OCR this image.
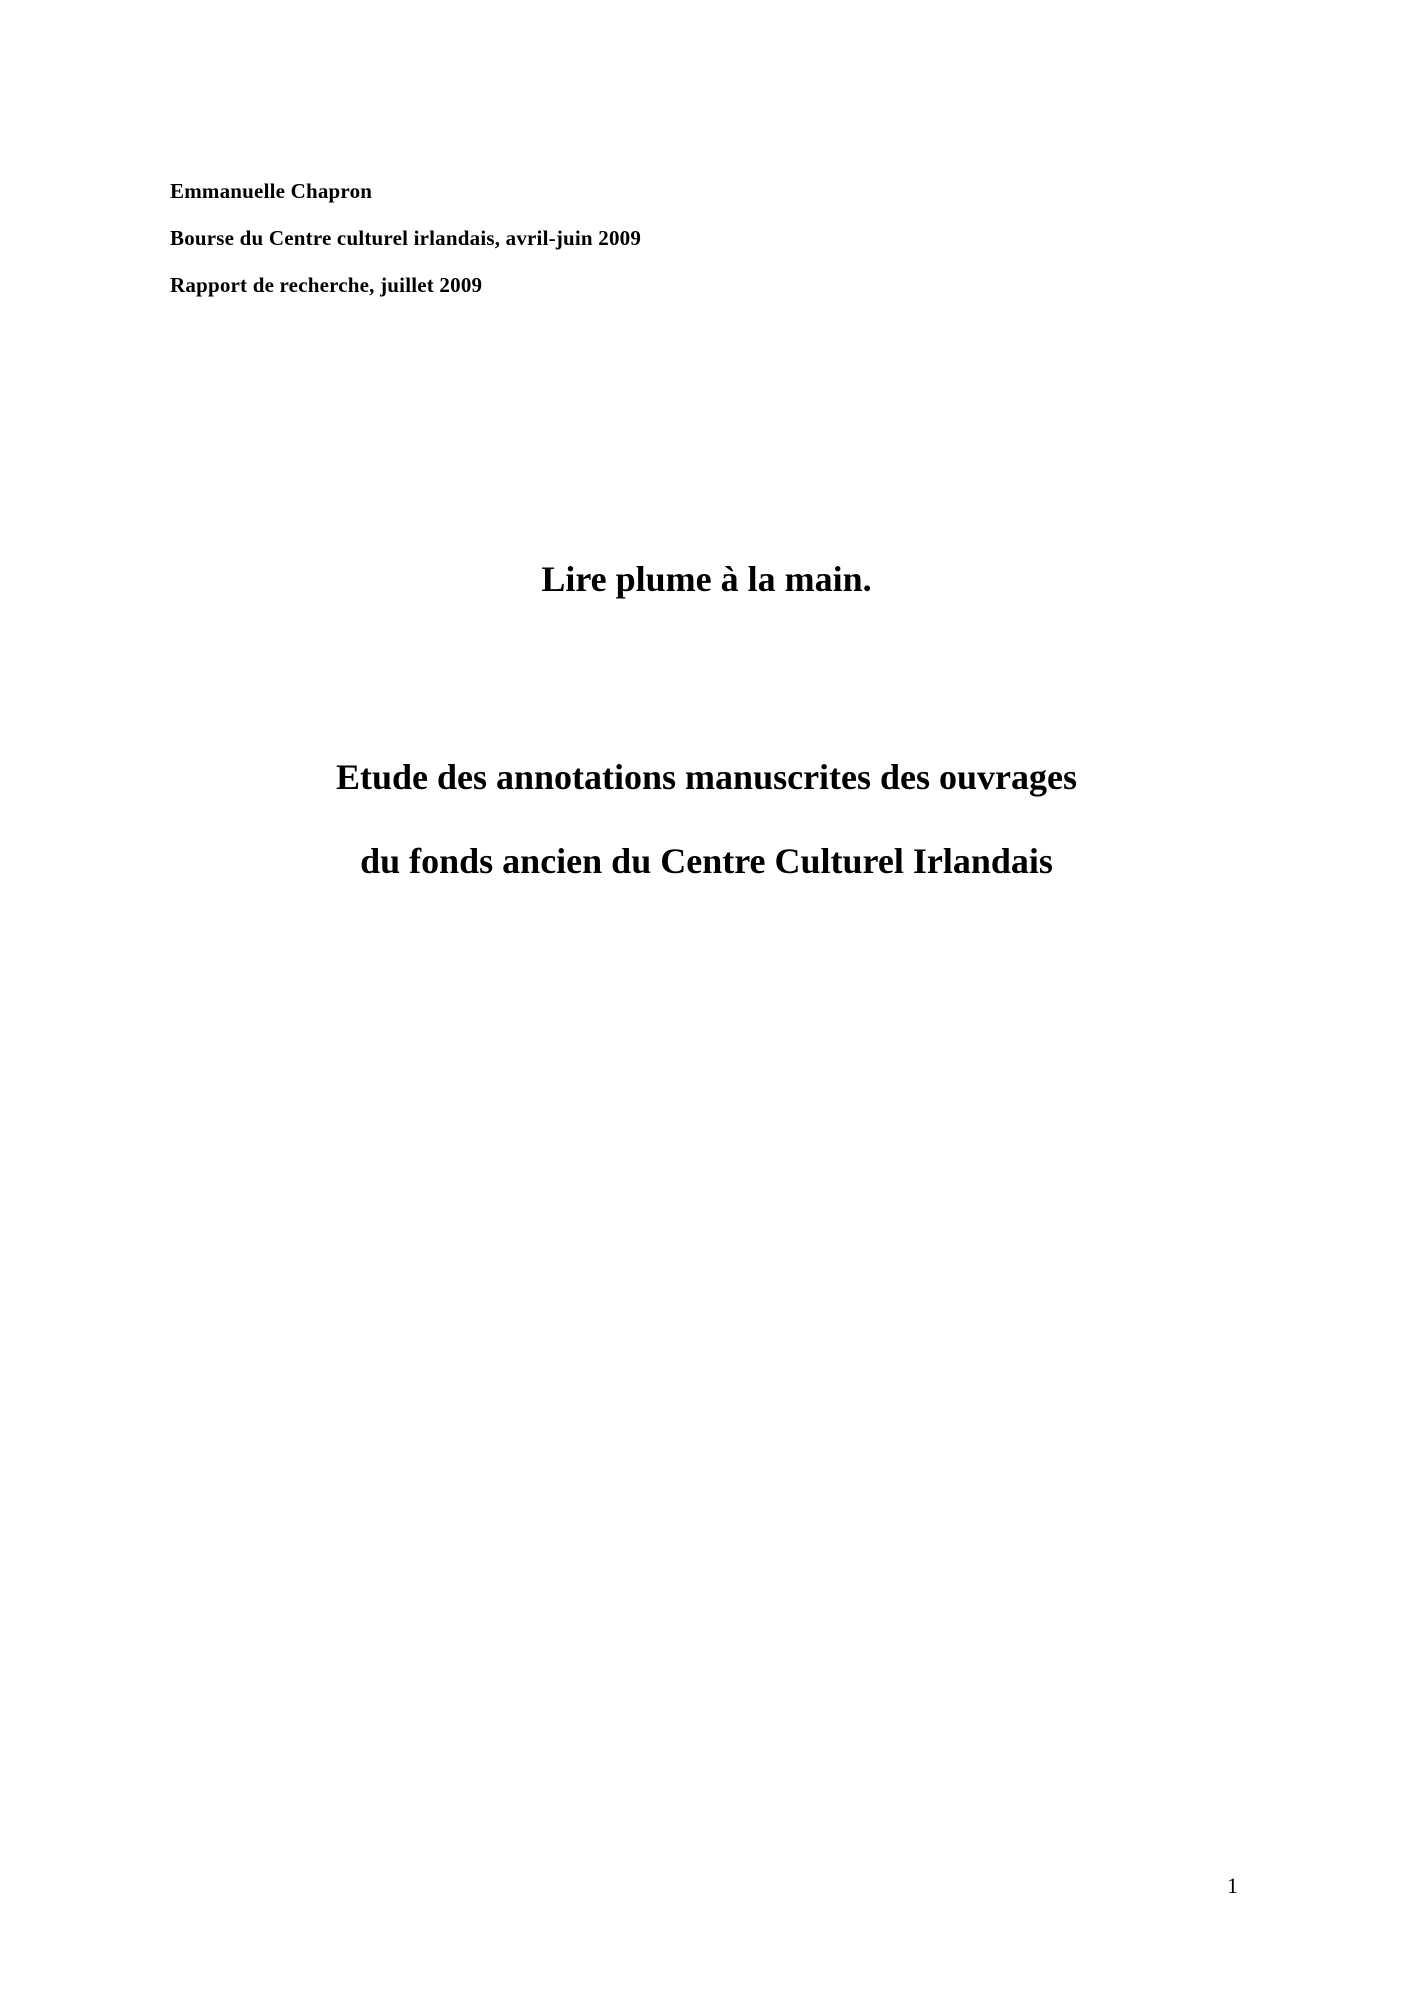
Emmanuelle Chapron
Bourse du Centre culturel irlandais, avril-juin 2009
Rapport de recherche, juillet 2009
Lire plume à la main.
Etude des annotations manuscrites des ouvrages
du fonds ancien du Centre Culturel Irlandais
1
